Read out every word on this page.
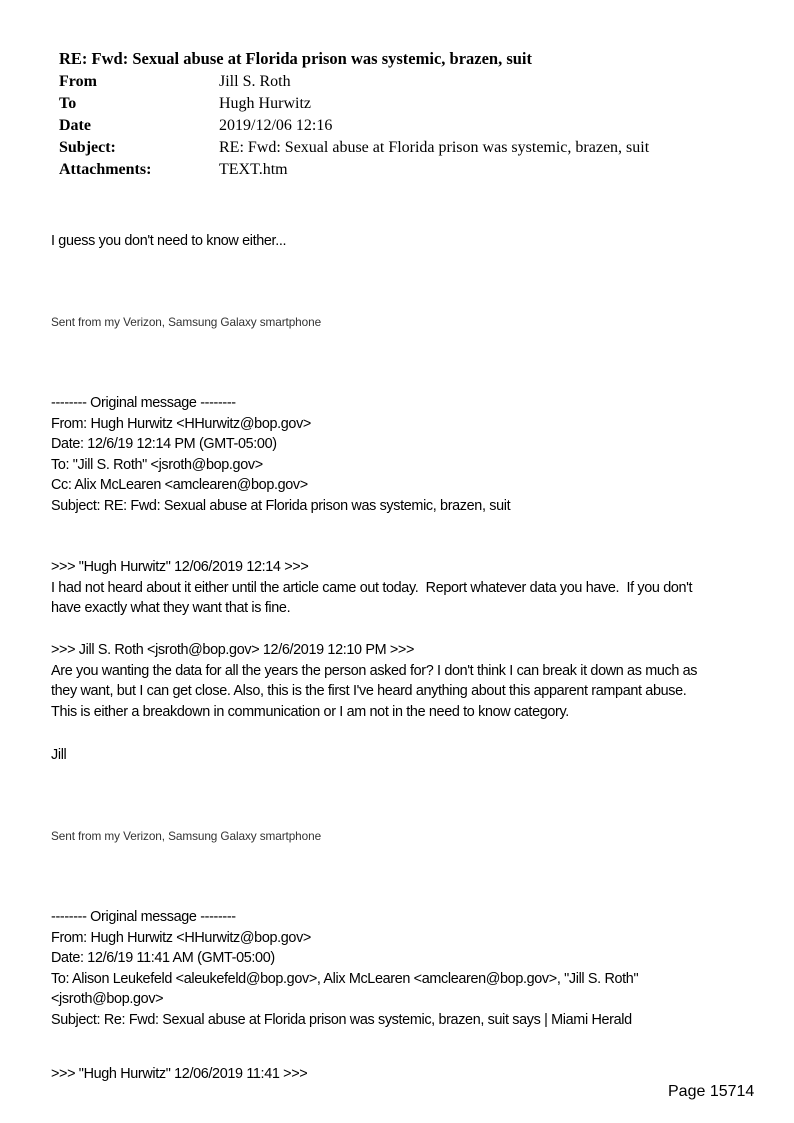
RE: Fwd: Sexual abuse at Florida prison was systemic, brazen, suit
From	Jill S. Roth
To	Hugh Hurwitz
Date	2019/12/06 12:16
Subject:	RE: Fwd: Sexual abuse at Florida prison was systemic, brazen, suit
Attachments:	TEXT.htm
I guess you don't need to know either...
Sent from my Verizon, Samsung Galaxy smartphone
-------- Original message --------
From: Hugh Hurwitz <HHurwitz@bop.gov>
Date: 12/6/19 12:14 PM (GMT-05:00)
To: "Jill S. Roth" <jsroth@bop.gov>
Cc: Alix McLearen <amclearen@bop.gov>
Subject: RE: Fwd: Sexual abuse at Florida prison was systemic, brazen, suit
>>> "Hugh Hurwitz" 12/06/2019 12:14 >>>
I had not heard about it either until the article came out today.  Report whatever data you have.  If you don't
have exactly what they want that is fine.
>>> Jill S. Roth <jsroth@bop.gov> 12/6/2019 12:10 PM >>>
Are you wanting the data for all the years the person asked for? I don't think I can break it down as much as
they want, but I can get close. Also, this is the first I've heard anything about this apparent rampant abuse.
This is either a breakdown in communication or I am not in the need to know category.
Jill
Sent from my Verizon, Samsung Galaxy smartphone
-------- Original message --------
From: Hugh Hurwitz <HHurwitz@bop.gov>
Date: 12/6/19 11:41 AM (GMT-05:00)
To: Alison Leukefeld <aleukefeld@bop.gov>, Alix McLearen <amclearen@bop.gov>, "Jill S. Roth"
<jsroth@bop.gov>
Subject: Re: Fwd: Sexual abuse at Florida prison was systemic, brazen, suit says | Miami Herald
>>> "Hugh Hurwitz" 12/06/2019 11:41 >>>
Page 15714
